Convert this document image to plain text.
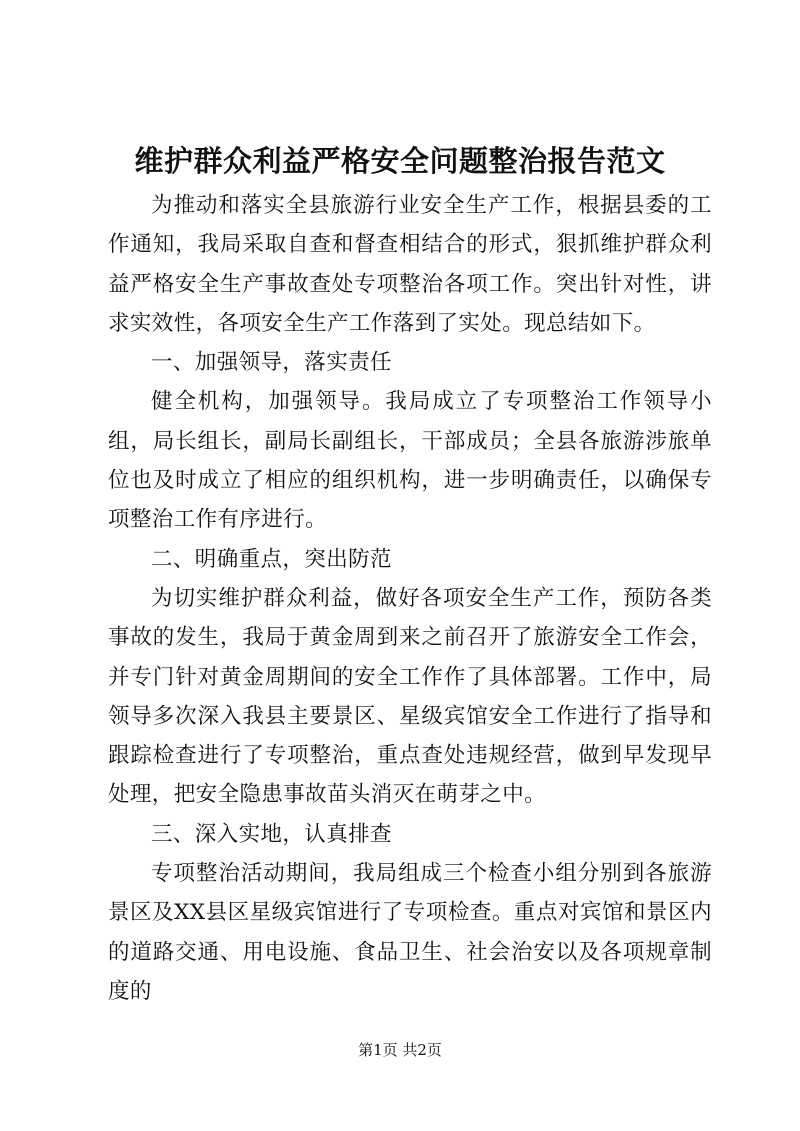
维护群众利益严格安全问题整治报告范文

为推动和落实全县旅游行业安全生产工作，根据县委的工作通知，我局采取自查和督查相结合的形式，狠抓维护群众利益严格安全生产事故查处专项整治各项工作。突出针对性，讲求实效性，各项安全生产工作落到了实处。现总结如下。

一、加强领导，落实责任

健全机构，加强领导。我局成立了专项整治工作领导小组，局长组长，副局长副组长，干部成员；全县各旅游涉旅单位也及时成立了相应的组织机构，进一步明确责任，以确保专项整治工作有序进行。

二、明确重点，突出防范

为切实维护群众利益，做好各项安全生产工作，预防各类事故的发生，我局于黄金周到来之前召开了旅游安全工作会，并专门针对黄金周期间的安全工作作了具体部署。工作中，局领导多次深入我县主要景区、星级宾馆安全工作进行了指导和跟踪检查进行了专项整治，重点查处违规经营，做到早发现早处理，把安全隐患事故苗头消灭在萌芽之中。

三、深入实地，认真排查

专项整治活动期间，我局组成三个检查小组分别到各旅游景区及XX县区星级宾馆进行了专项检查。重点对宾馆和景区内的道路交通、用电设施、食品卫生、社会治安以及各项规章制度的

第1页 共2页
